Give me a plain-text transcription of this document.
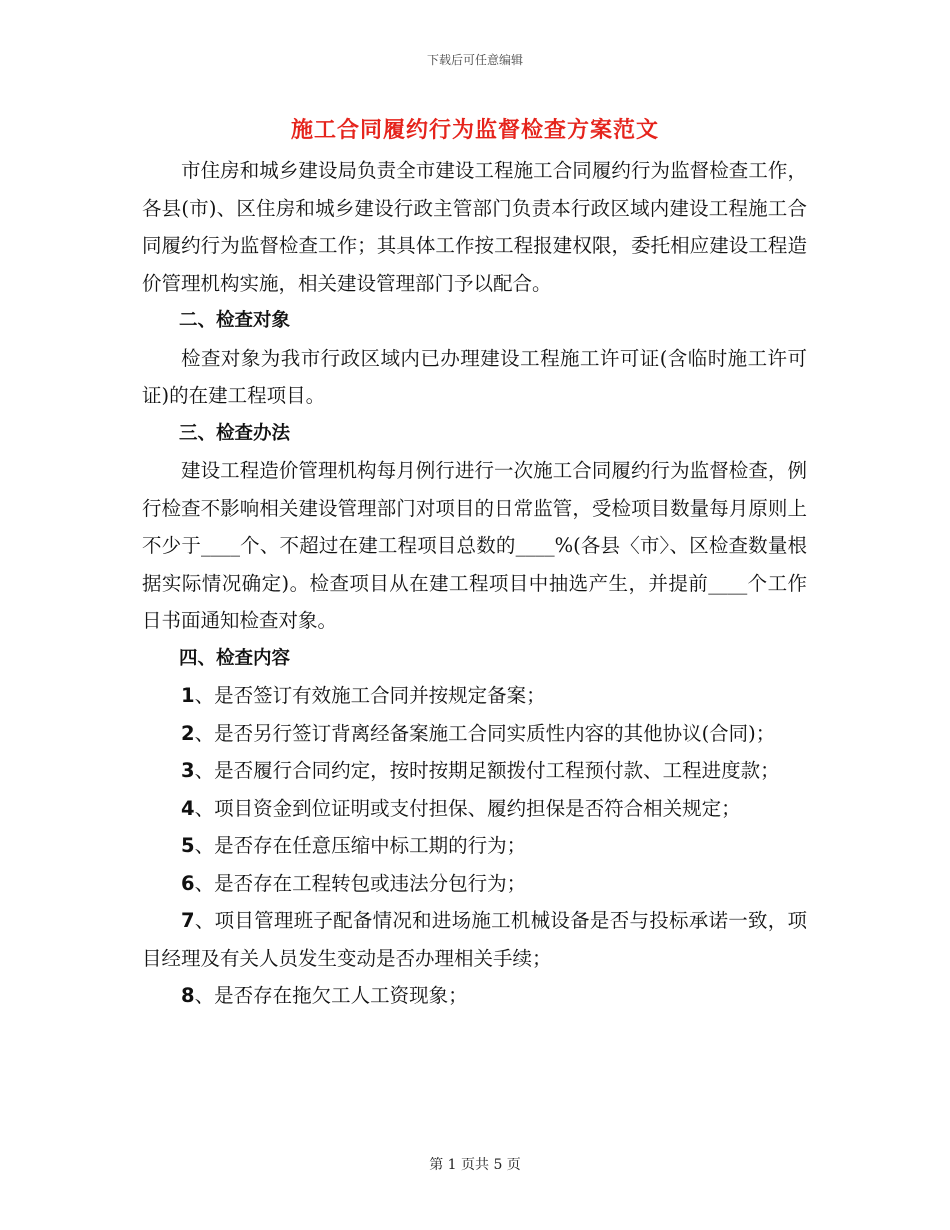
下载后可任意编辑
施工合同履约行为监督检查方案范文

市住房和城乡建设局负责全市建设工程施工合同履约行为监督检查工作，各县(市)、区住房和城乡建设行政主管部门负责本行政区域内建设工程施工合同履约行为监督检查工作；其具体工作按工程报建权限，委托相应建设工程造价管理机构实施，相关建设管理部门予以配合。

二、检查对象

检查对象为我市行政区域内已办理建设工程施工许可证(含临时施工许可证)的在建工程项目。

三、检查办法

建设工程造价管理机构每月例行进行一次施工合同履约行为监督检查，例行检查不影响相关建设管理部门对项目的日常监管，受检项目数量每月原则上不少于____个、不超过在建工程项目总数的____%(各县〈市〉、区检查数量根据实际情况确定)。检查项目从在建工程项目中抽选产生，并提前____个工作日书面通知检查对象。

四、检查内容

1、是否签订有效施工合同并按规定备案；

2、是否另行签订背离经备案施工合同实质性内容的其他协议(合同)；

3、是否履行合同约定，按时按期足额拨付工程预付款、工程进度款；

4、项目资金到位证明或支付担保、履约担保是否符合相关规定；

5、是否存在任意压缩中标工期的行为；

6、是否存在工程转包或违法分包行为；

7、项目管理班子配备情况和进场施工机械设备是否与投标承诺一致，项目经理及有关人员发生变动是否办理相关手续；

8、是否存在拖欠工人工资现象；

第 1 页共 5 页
